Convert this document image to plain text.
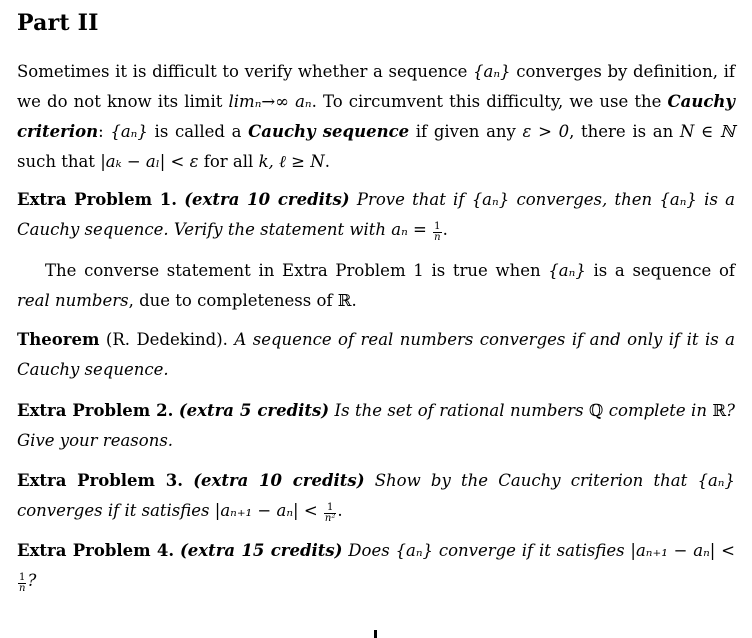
Part II
Sometimes it is difficult to verify whether a sequence {aₙ} converges by definition, if we do not know its limit limₙ→∞ aₙ. To circumvent this difficulty, we use the Cauchy criterion: {aₙ} is called a Cauchy sequence if given any ε > 0, there is an N ∈ ℕ such that |aₖ − aₗ| < ε for all k, ℓ ≥ N.
Extra Problem 1. (extra 10 credits) Prove that if {aₙ} converges, then {aₙ} is a Cauchy sequence. Verify the statement with $a_n = \frac{1}{n}$ .
The converse statement in Extra Problem 1 is true when {aₙ} is a sequence of real numbers, due to completeness of ℝ.
Theorem (R. Dedekind). A sequence of real numbers converges if and only if it is a Cauchy sequence.
Extra Problem 2. (extra 5 credits) Is the set of rational numbers ℚ complete in ℝ? Give your reasons.
Extra Problem 3. (extra 10 credits) Show by the Cauchy criterion that {aₙ} converges if it satisfies $|a_{n+1} - a_n| < \frac{1}{\text{n²}}$ .
Extra Problem 4. (extra 15 credits) Does {aₙ} converge if it satisfies |aₙ₊₁ − aₙ| <
$\frac{1}{n}$ ?
